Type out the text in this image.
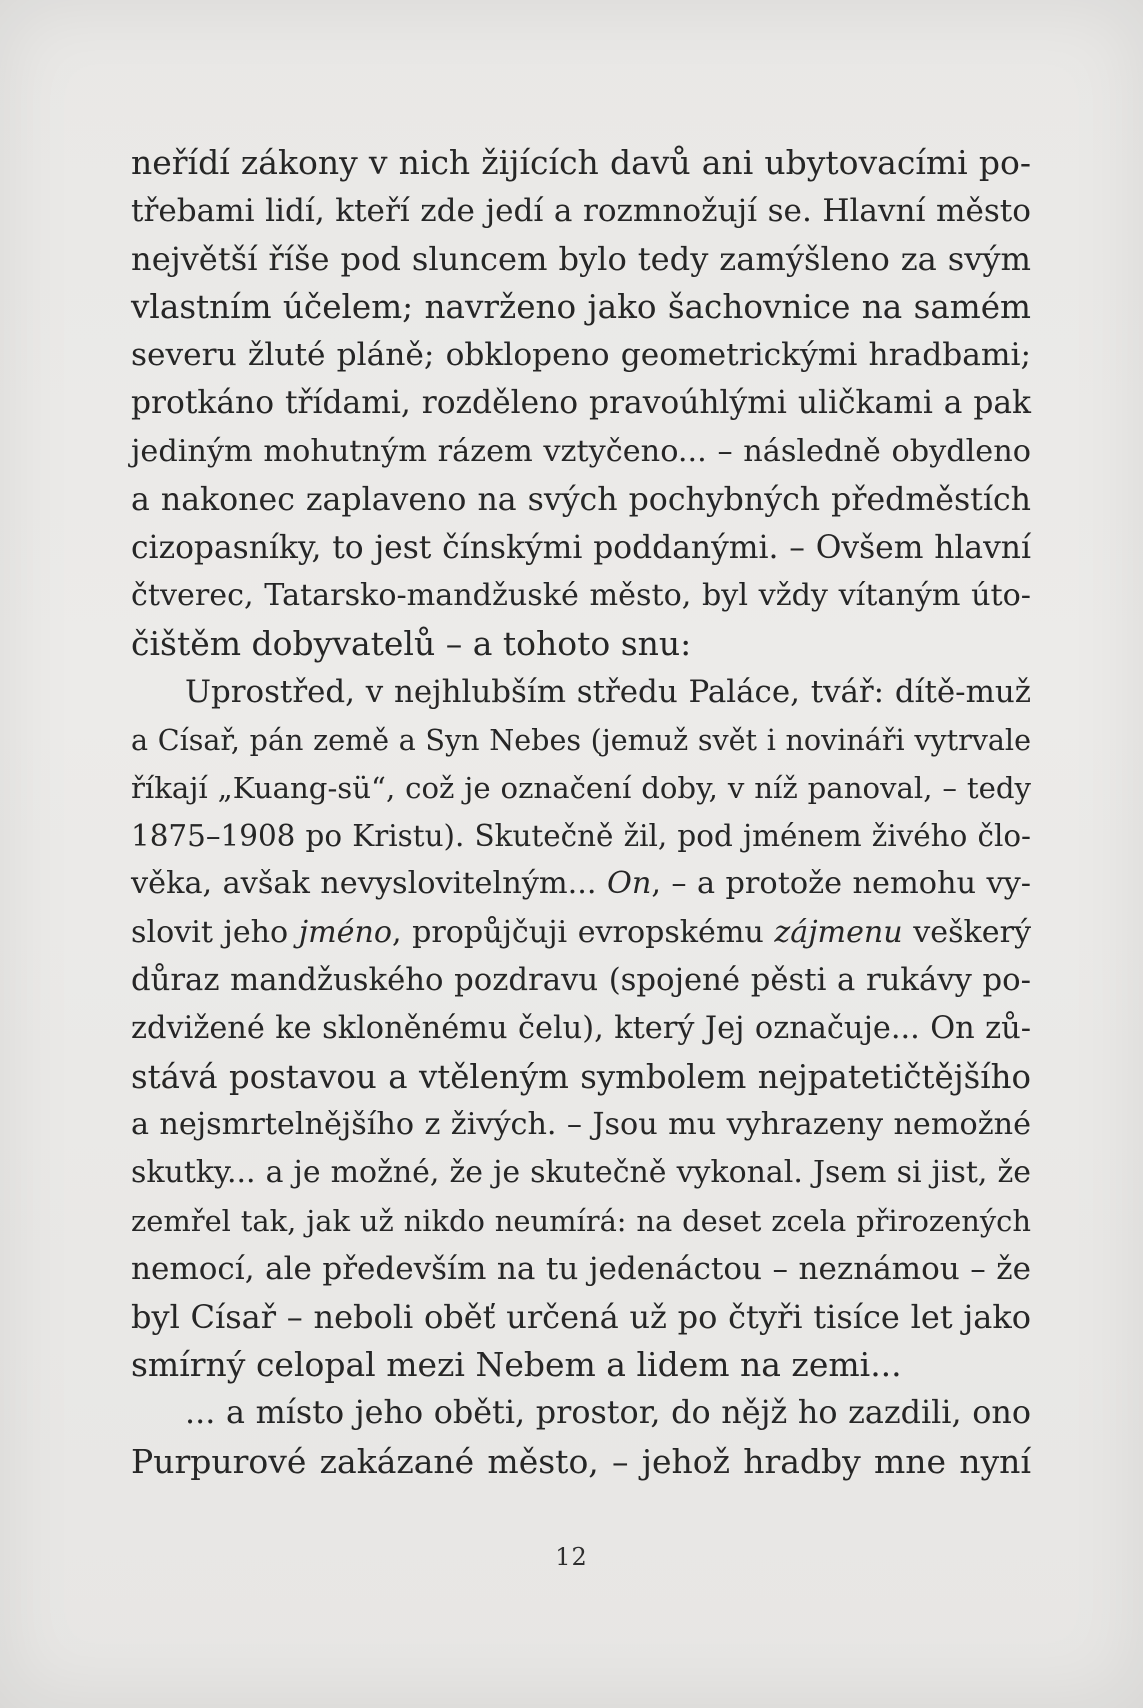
neřídí zákony v nich žijících davů ani ubytovacími po-
třebami lidí, kteří zde jedí a rozmnožují se. Hlavní město
největší říše pod sluncem bylo tedy zamýšleno za svým
vlastním účelem; navrženo jako šachovnice na samém
severu žluté pláně; obklopeno geometrickými hradbami;
protkáno třídami, rozděleno pravoúhlými uličkami a pak
jediným mohutným rázem vztyčeno... – následně obydleno
a nakonec zaplaveno na svých pochybných předměstích
cizopasníky, to jest čínskými poddanými. – Ovšem hlavní
čtverec, Tatarsko-mandžuské město, byl vždy vítaným úto-
čištěm dobyvatelů – a tohoto snu:
Uprostřed, v nejhlubším středu Paláce, tvář: dítě-muž
a Císař, pán země a Syn Nebes (jemuž svět i novináři vytrvale
říkají „Kuang-sü“, což je označení doby, v níž panoval, – tedy
1875–1908 po Kristu). Skutečně žil, pod jménem živého člo-
věka, avšak nevyslovitelným... On, – a protože nemohu vy-
slovit jeho jméno, propůjčuji evropskému zájmenu veškerý
důraz mandžuského pozdravu (spojené pěsti a rukávy po-
zdvižené ke skloněnému čelu), který Jej označuje... On zů-
stává postavou a vtěleným symbolem nejpatetičtějšího
a nejsmrtelnějšího z živých. – Jsou mu vyhrazeny nemožné
skutky... a je možné, že je skutečně vykonal. Jsem si jist, že
zemřel tak, jak už nikdo neumírá: na deset zcela přirozených
nemocí, ale především na tu jedenáctou – neznámou – že
byl Císař – neboli oběť určená už po čtyři tisíce let jako
smírný celopal mezi Nebem a lidem na zemi...
... a místo jeho oběti, prostor, do nějž ho zazdili, ono
Purpurové zakázané město, – jehož hradby mne nyní
12
